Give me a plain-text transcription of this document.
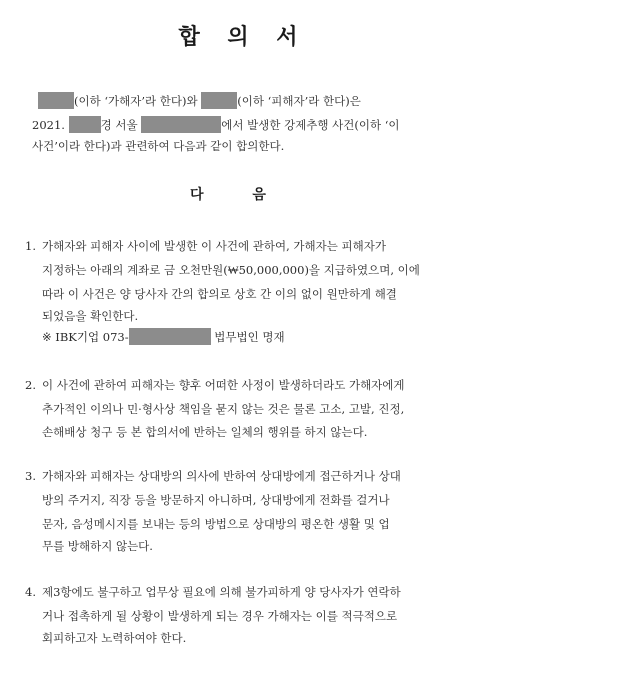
합 의 서
(이하 ‘가해자’라 한다)와	(이하 ‘피해자’라 한다)은
2021.	경 서울	에서 발생한 강제추행 사건(이하 ‘이
사건’이라 한다)과 관련하여 다음과 같이 합의한다.
다 음
1. 가해자와 피해자 사이에 발생한 이 사건에 관하여, 가해자는 피해자가
지정하는 아래의 계좌로 금 오천만원(₩50,000,000)을 지급하였으며, 이에
따라 이 사건은 양 당사자 간의 합의로 상호 간 이의 없이 원만하게 해결
되었음을 확인한다.
※ IBK기업 073-	법무법인 명재
2. 이 사건에 관하여 피해자는 향후 어떠한 사정이 발생하더라도 가해자에게
추가적인 이의나 민·형사상 책임을 묻지 않는 것은 물론 고소, 고발, 진정,
손해배상 청구 등 본 합의서에 반하는 일체의 행위를 하지 않는다.
3. 가해자와 피해자는 상대방의 의사에 반하여 상대방에게 접근하거나 상대
방의 주거지, 직장 등을 방문하지 아니하며, 상대방에게 전화를 걸거나
문자, 음성메시지를 보내는 등의 방법으로 상대방의 평온한 생활 및 업
무를 방해하지 않는다.
4. 제3항에도 불구하고 업무상 필요에 의해 불가피하게 양 당사자가 연락하
거나 접촉하게 될 상황이 발생하게 되는 경우 가해자는 이를 적극적으로
회피하고자 노력하여야 한다.
